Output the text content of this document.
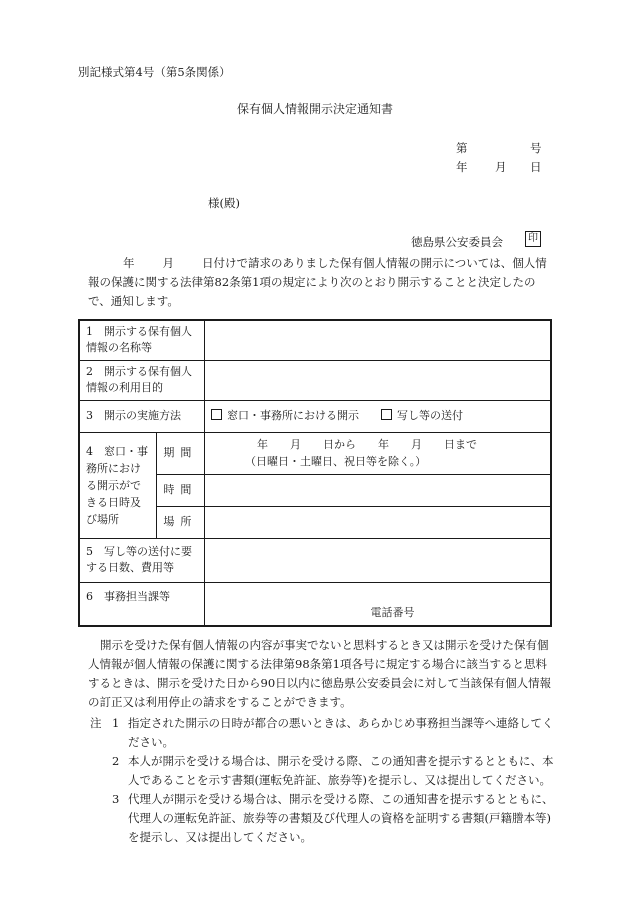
別記様式第4号（第5条関係）
保有個人情報開示決定通知書
第	号
年 月 日
様(殿)
徳島県公安委員会	印
年 月 日付けで請求のありました保有個人情報の開示については、個人情報の保護に関する法律第82条第1項の規定により次のとおり開示することと決定したので、通知します。
1　開示する保有個人情報の名称等		
2　開示する保有個人情報の利用目的		
3　開示の実施方法		窓口・事務所における開示 写し等の送付
4　窓口・事務所における開示ができる日時及び場所	期間	年 月 日から 年 月 日まで
（日曜日・土曜日、祝日等を除く。）

	時間	
	場所	
5　写し等の送付に要する日数、費用等		
6　事務担当課等		電話番号
開示を受けた保有個人情報の内容が事実でないと思料するとき又は開示を受けた保有個人情報が個人情報の保護に関する法律第98条第1項各号に規定する場合に該当すると思料するときは、開示を受けた日から90日以内に徳島県公安委員会に対して当該保有個人情報の訂正又は利用停止の請求をすることができます。
注 1 指定された開示の日時が都合の悪いときは、あらかじめ事務担当課等へ連絡してください。
2 本人が開示を受ける場合は、開示を受ける際、この通知書を提示するとともに、本人であることを示す書類(運転免許証、旅券等)を提示し、又は提出してください。
3 代理人が開示を受ける場合は、開示を受ける際、この通知書を提示するとともに、代理人の運転免許証、旅券等の書類及び代理人の資格を証明する書類(戸籍謄本等)を提示し、又は提出してください。
